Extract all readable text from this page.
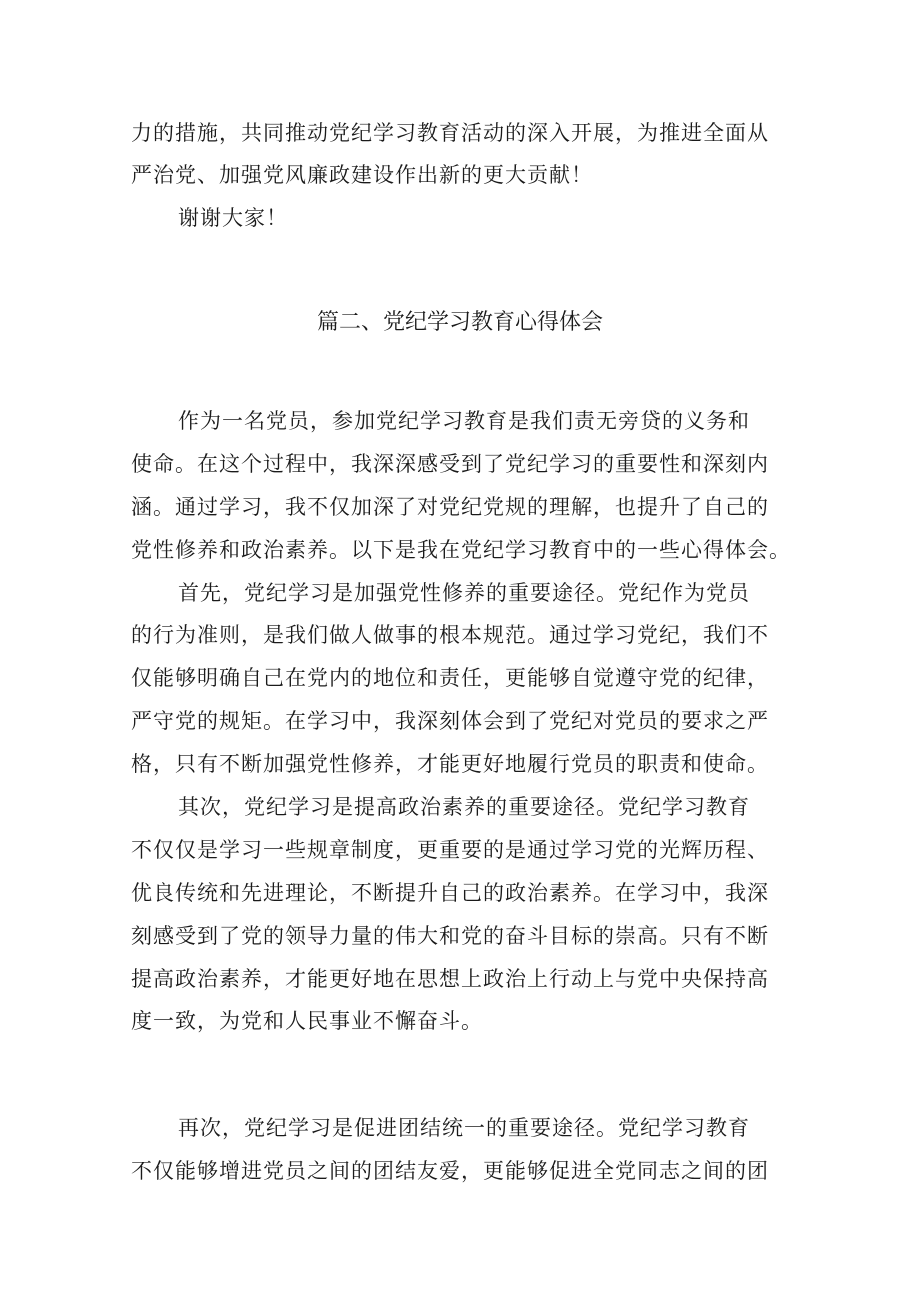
力的措施，共同推动党纪学习教育活动的深入开展，为推进全面从
严治党、加强党风廉政建设作出新的更大贡献！
谢谢大家！
篇二、党纪学习教育心得体会
作为一名党员，参加党纪学习教育是我们责无旁贷的义务和
使命。在这个过程中，我深深感受到了党纪学习的重要性和深刻内
涵。通过学习，我不仅加深了对党纪党规的理解，也提升了自己的
党性修养和政治素养。以下是我在党纪学习教育中的一些心得体会。
首先，党纪学习是加强党性修养的重要途径。党纪作为党员
的行为准则，是我们做人做事的根本规范。通过学习党纪，我们不
仅能够明确自己在党内的地位和责任，更能够自觉遵守党的纪律，
严守党的规矩。在学习中，我深刻体会到了党纪对党员的要求之严
格，只有不断加强党性修养，才能更好地履行党员的职责和使命。
其次，党纪学习是提高政治素养的重要途径。党纪学习教育
不仅仅是学习一些规章制度，更重要的是通过学习党的光辉历程、
优良传统和先进理论，不断提升自己的政治素养。在学习中，我深
刻感受到了党的领导力量的伟大和党的奋斗目标的崇高。只有不断
提高政治素养，才能更好地在思想上政治上行动上与党中央保持高
度一致，为党和人民事业不懈奋斗。
再次，党纪学习是促进团结统一的重要途径。党纪学习教育
不仅能够增进党员之间的团结友爱，更能够促进全党同志之间的团
